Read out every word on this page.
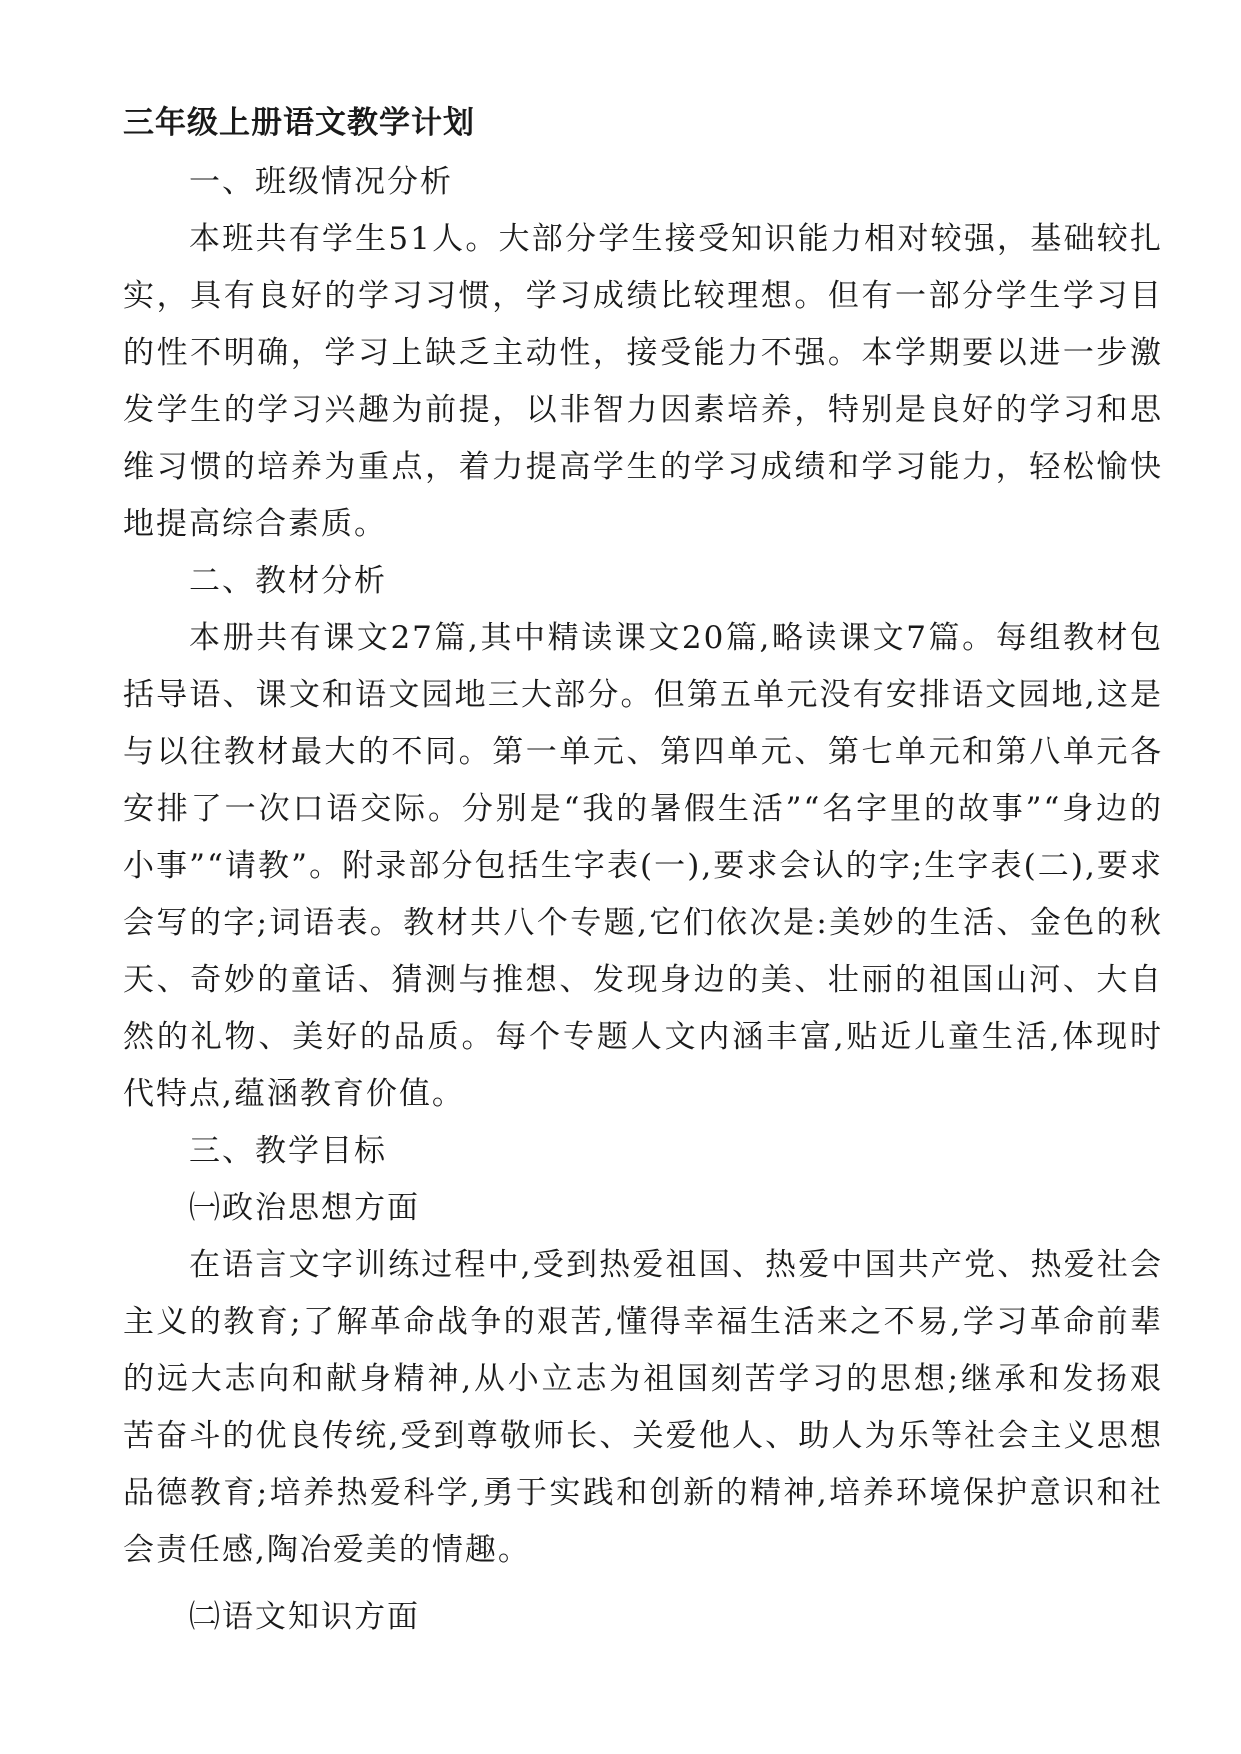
三年级上册语文教学计划
一、班级情况分析

本班共有学生51人。大部分学生接受知识能力相对较强，基础较扎实，具有良好的学习习惯，学习成绩比较理想。但有一部分学生学习目的性不明确，学习上缺乏主动性，接受能力不强。本学期要以进一步激发学生的学习兴趣为前提，以非智力因素培养，特别是良好的学习和思维习惯的培养为重点，着力提高学生的学习成绩和学习能力，轻松愉快地提高综合素质。

二、教材分析

本册共有课文27篇,其中精读课文20篇,略读课文7篇。每组教材包括导语、课文和语文园地三大部分。但第五单元没有安排语文园地,这是与以往教材最大的不同。第一单元、第四单元、第七单元和第八单元各安排了一次口语交际。分别是“我的暑假生活”“名字里的故事”“身边的小事”“请教”。附录部分包括生字表(一),要求会认的字;生字表(二),要求会写的字;词语表。教材共八个专题,它们依次是:美妙的生活、金色的秋天、奇妙的童话、猜测与推想、发现身边的美、壮丽的祖国山河、大自然的礼物、美好的品质。每个专题人文内涵丰富,贴近儿童生活,体现时代特点,蕴涵教育价值。

三、教学目标
㈠政治思想方面

在语言文字训练过程中,受到热爱祖国、热爱中国共产党、热爱社会主义的教育;了解革命战争的艰苦,懂得幸福生活来之不易,学习革命前辈的远大志向和献身精神,从小立志为祖国刻苦学习的思想;继承和发扬艰苦奋斗的优良传统,受到尊敬师长、关爱他人、助人为乐等社会主义思想品德教育;培养热爱科学,勇于实践和创新的精神,培养环境保护意识和社会责任感,陶冶爱美的情趣。

㈡语文知识方面
